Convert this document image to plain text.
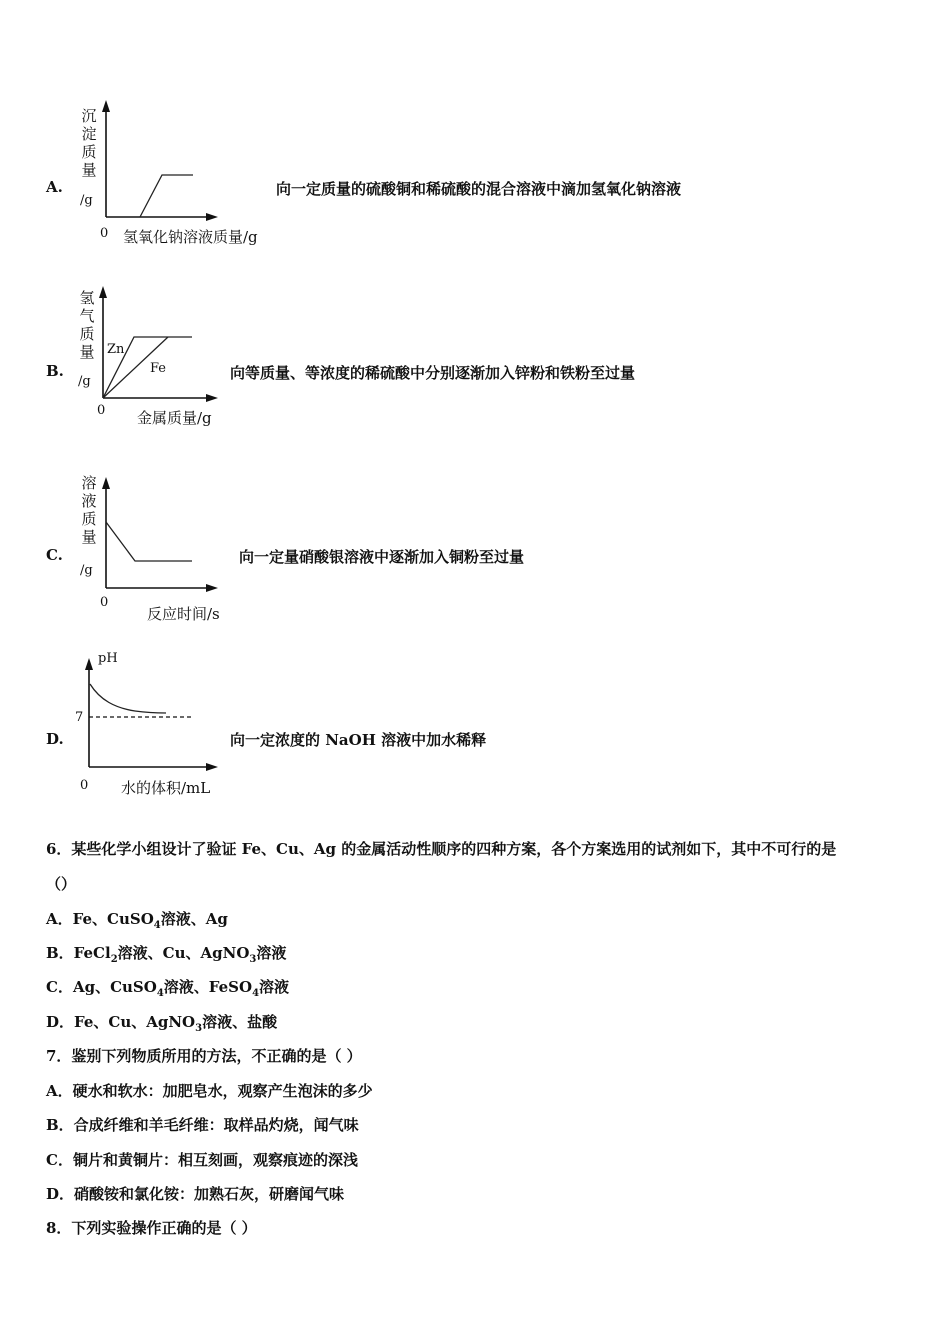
A.
沉
淀
质
量
/g
0 氢氧化钠溶液质量/g
向一定质量的硫酸铜和稀硫酸的混合溶液中滴加氢氧化钠溶液
B.
氢
气
质
量
/g
Zn
Fe
0 金属质量/g
向等质量、等浓度的稀硫酸中分别逐渐加入锌粉和铁粉至过量
C.
溶
液
质
量
/g
0
反应时间/s
向一定量硝酸银溶液中逐渐加入铜粉至过量
D.
pH
7
0 水的体积/mL
向一定浓度的 NaOH 溶液中加水稀释
6．某些化学小组设计了验证 Fe、Cu、Ag 的金属活动性顺序的四种方案，各个方案选用的试剂如下，其中不可行的是
（）
A．Fe、CuSO$_4$溶液、Ag
B．FeCl$_2$溶液、Cu、AgNO$_3$溶液
C．Ag、CuSO$_4$溶液、FeSO$_4$溶液
D．Fe、Cu、AgNO$_3$溶液、盐酸
7．鉴别下列物质所用的方法，不正确的是（ ）
A．硬水和软水：加肥皂水，观察产生泡沫的多少
B．合成纤维和羊毛纤维：取样品灼烧，闻气味
C．铜片和黄铜片：相互刻画，观察痕迹的深浅
D．硝酸铵和氯化铵：加熟石灰，研磨闻气味
8．下列实验操作正确的是（ ）
